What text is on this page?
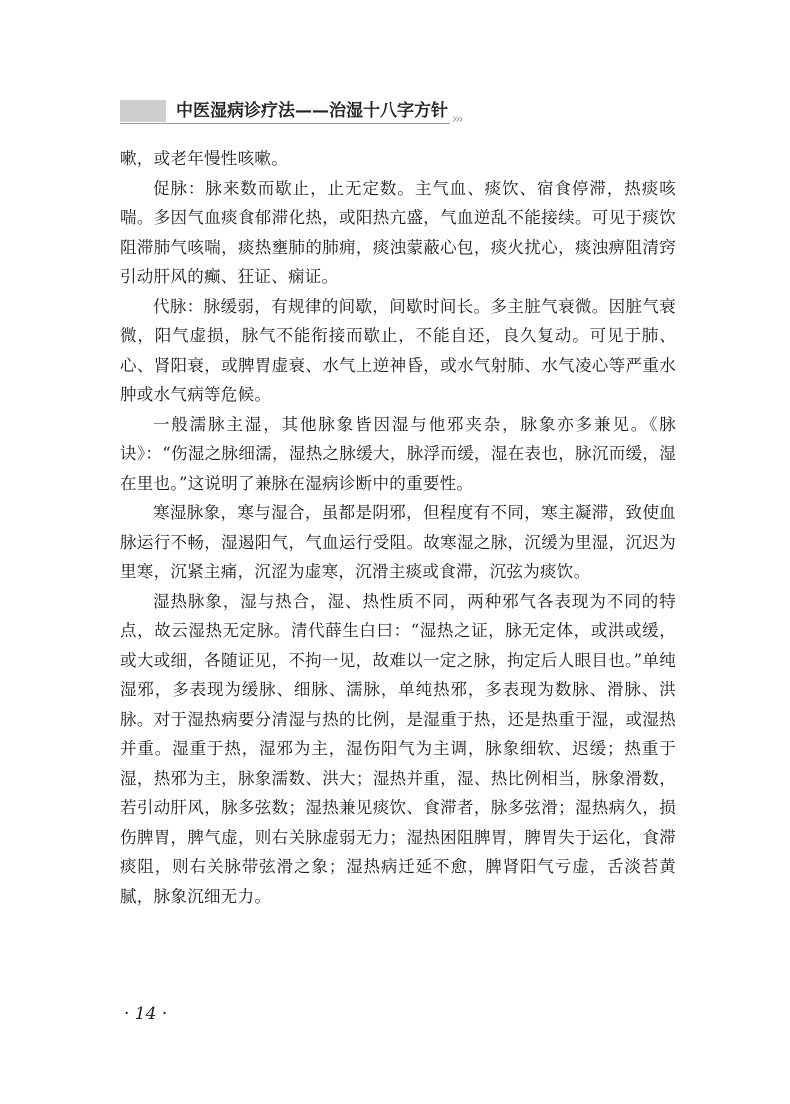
中医湿病诊疗法——治湿十八字方针 ›››

嗽，或老年慢性咳嗽。

促脉：脉来数而歇止，止无定数。主气血、痰饮、宿食停滞，热痰咳喘。多因气血痰食郁滞化热，或阳热亢盛，气血逆乱不能接续。可见于痰饮阻滞肺气咳喘，痰热壅肺的肺痈，痰浊蒙蔽心包，痰火扰心，痰浊痹阻清窍引动肝风的癫、狂证、痫证。

代脉：脉缓弱，有规律的间歇，间歇时间长。多主脏气衰微。因脏气衰微，阳气虚损，脉气不能衔接而歇止，不能自还，良久复动。可见于肺、心、肾阳衰，或脾胃虚衰、水气上逆神昏，或水气射肺、水气凌心等严重水肿或水气病等危候。

一般濡脉主湿，其他脉象皆因湿与他邪夹杂，脉象亦多兼见。《脉诀》：“伤湿之脉细濡，湿热之脉缓大，脉浮而缓，湿在表也，脉沉而缓，湿在里也。”这说明了兼脉在湿病诊断中的重要性。

寒湿脉象，寒与湿合，虽都是阴邪，但程度有不同，寒主凝滞，致使血脉运行不畅，湿遏阳气，气血运行受阻。故寒湿之脉，沉缓为里湿，沉迟为里寒，沉紧主痛，沉涩为虚寒，沉滑主痰或食滞，沉弦为痰饮。

湿热脉象，湿与热合，湿、热性质不同，两种邪气各表现为不同的特点，故云湿热无定脉。清代薛生白曰：“湿热之证，脉无定体，或洪或缓，或大或细，各随证见，不拘一见，故难以一定之脉，拘定后人眼目也。”单纯湿邪，多表现为缓脉、细脉、濡脉，单纯热邪，多表现为数脉、滑脉、洪脉。对于湿热病要分清湿与热的比例，是湿重于热，还是热重于湿，或湿热并重。湿重于热，湿邪为主，湿伤阳气为主调，脉象细软、迟缓；热重于湿，热邪为主，脉象濡数、洪大；湿热并重，湿、热比例相当，脉象滑数，若引动肝风，脉多弦数；湿热兼见痰饮、食滞者，脉多弦滑；湿热病久，损伤脾胃，脾气虚，则右关脉虚弱无力；湿热困阻脾胃，脾胃失于运化，食滞痰阻，则右关脉带弦滑之象；湿热病迁延不愈，脾肾阳气亏虚，舌淡苔黄腻，脉象沉细无力。

· 14 ·
